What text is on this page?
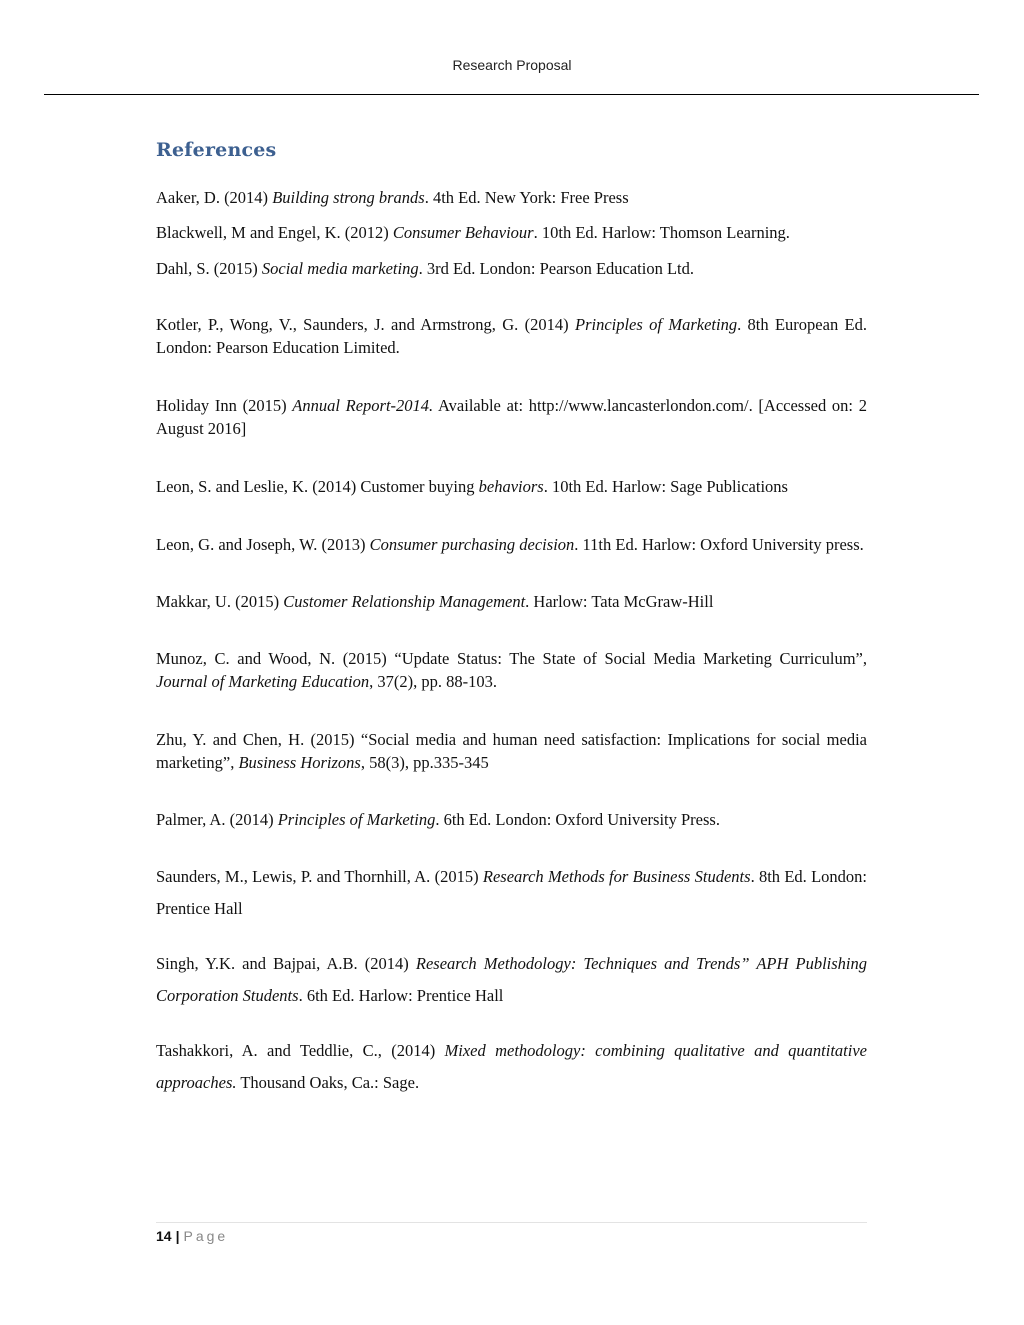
Research Proposal
References

Aaker, D. (2014) Building strong brands. 4th Ed. New York: Free Press

Blackwell, M and Engel, K. (2012) Consumer Behaviour. 10th Ed. Harlow: Thomson Learning.

Dahl, S. (2015) Social media marketing. 3rd Ed. London: Pearson Education Ltd.

Kotler, P., Wong, V., Saunders, J. and Armstrong, G. (2014) Principles of Marketing. 8th European Ed. London: Pearson Education Limited.

Holiday Inn (2015) Annual Report-2014. Available at: http://www.lancasterlondon.com/. [Accessed on: 2 August 2016]

Leon, S. and Leslie, K. (2014) Customer buying behaviors. 10th Ed. Harlow: Sage Publications

Leon, G. and Joseph, W. (2013) Consumer purchasing decision. 11th Ed. Harlow: Oxford University press.

Makkar, U. (2015) Customer Relationship Management. Harlow: Tata McGraw-Hill

Munoz, C. and Wood, N. (2015) “Update Status: The State of Social Media Marketing Curriculum”, Journal of Marketing Education, 37(2), pp. 88-103.

Zhu, Y. and Chen, H. (2015) “Social media and human need satisfaction: Implications for social media marketing”, Business Horizons, 58(3), pp.335-345

Palmer, A. (2014) Principles of Marketing. 6th Ed. London: Oxford University Press.

Saunders, M., Lewis, P. and Thornhill, A. (2015) Research Methods for Business Students. 8th Ed. London: Prentice Hall

Singh, Y.K. and Bajpai, A.B. (2014) Research Methodology: Techniques and Trends” APH Publishing Corporation Students. 6th Ed. Harlow: Prentice Hall

Tashakkori, A. and Teddlie, C., (2014) Mixed methodology: combining qualitative and quantitative approaches. Thousand Oaks, Ca.: Sage.

14 | Page
